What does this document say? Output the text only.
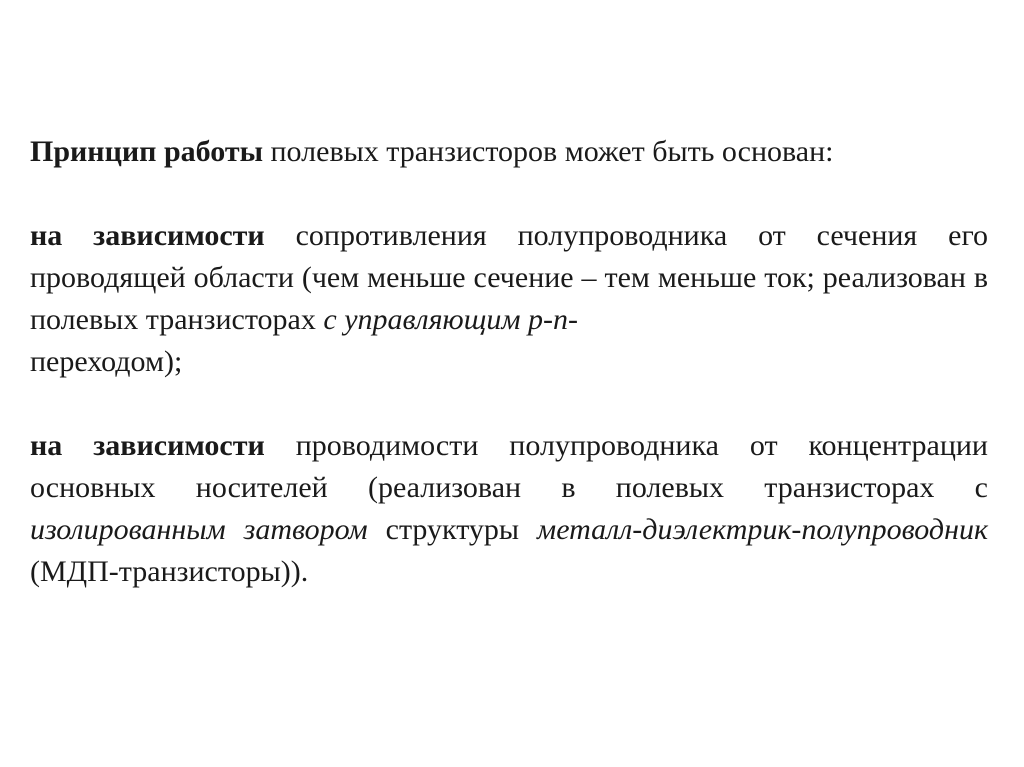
Принцип работы полевых транзисторов может быть основан:

на зависимости сопротивления полупроводника от сечения его проводящей области (чем меньше сечение – тем меньше ток; реализован в полевых транзисторах с управляющим p-n-
переходом);

на зависимости проводимости полупроводника от концентрации основных носителей (реализован в полевых транзисторах с изолированным затвором структуры металл-диэлектрик-полупроводник (МДП-транзисторы)).
